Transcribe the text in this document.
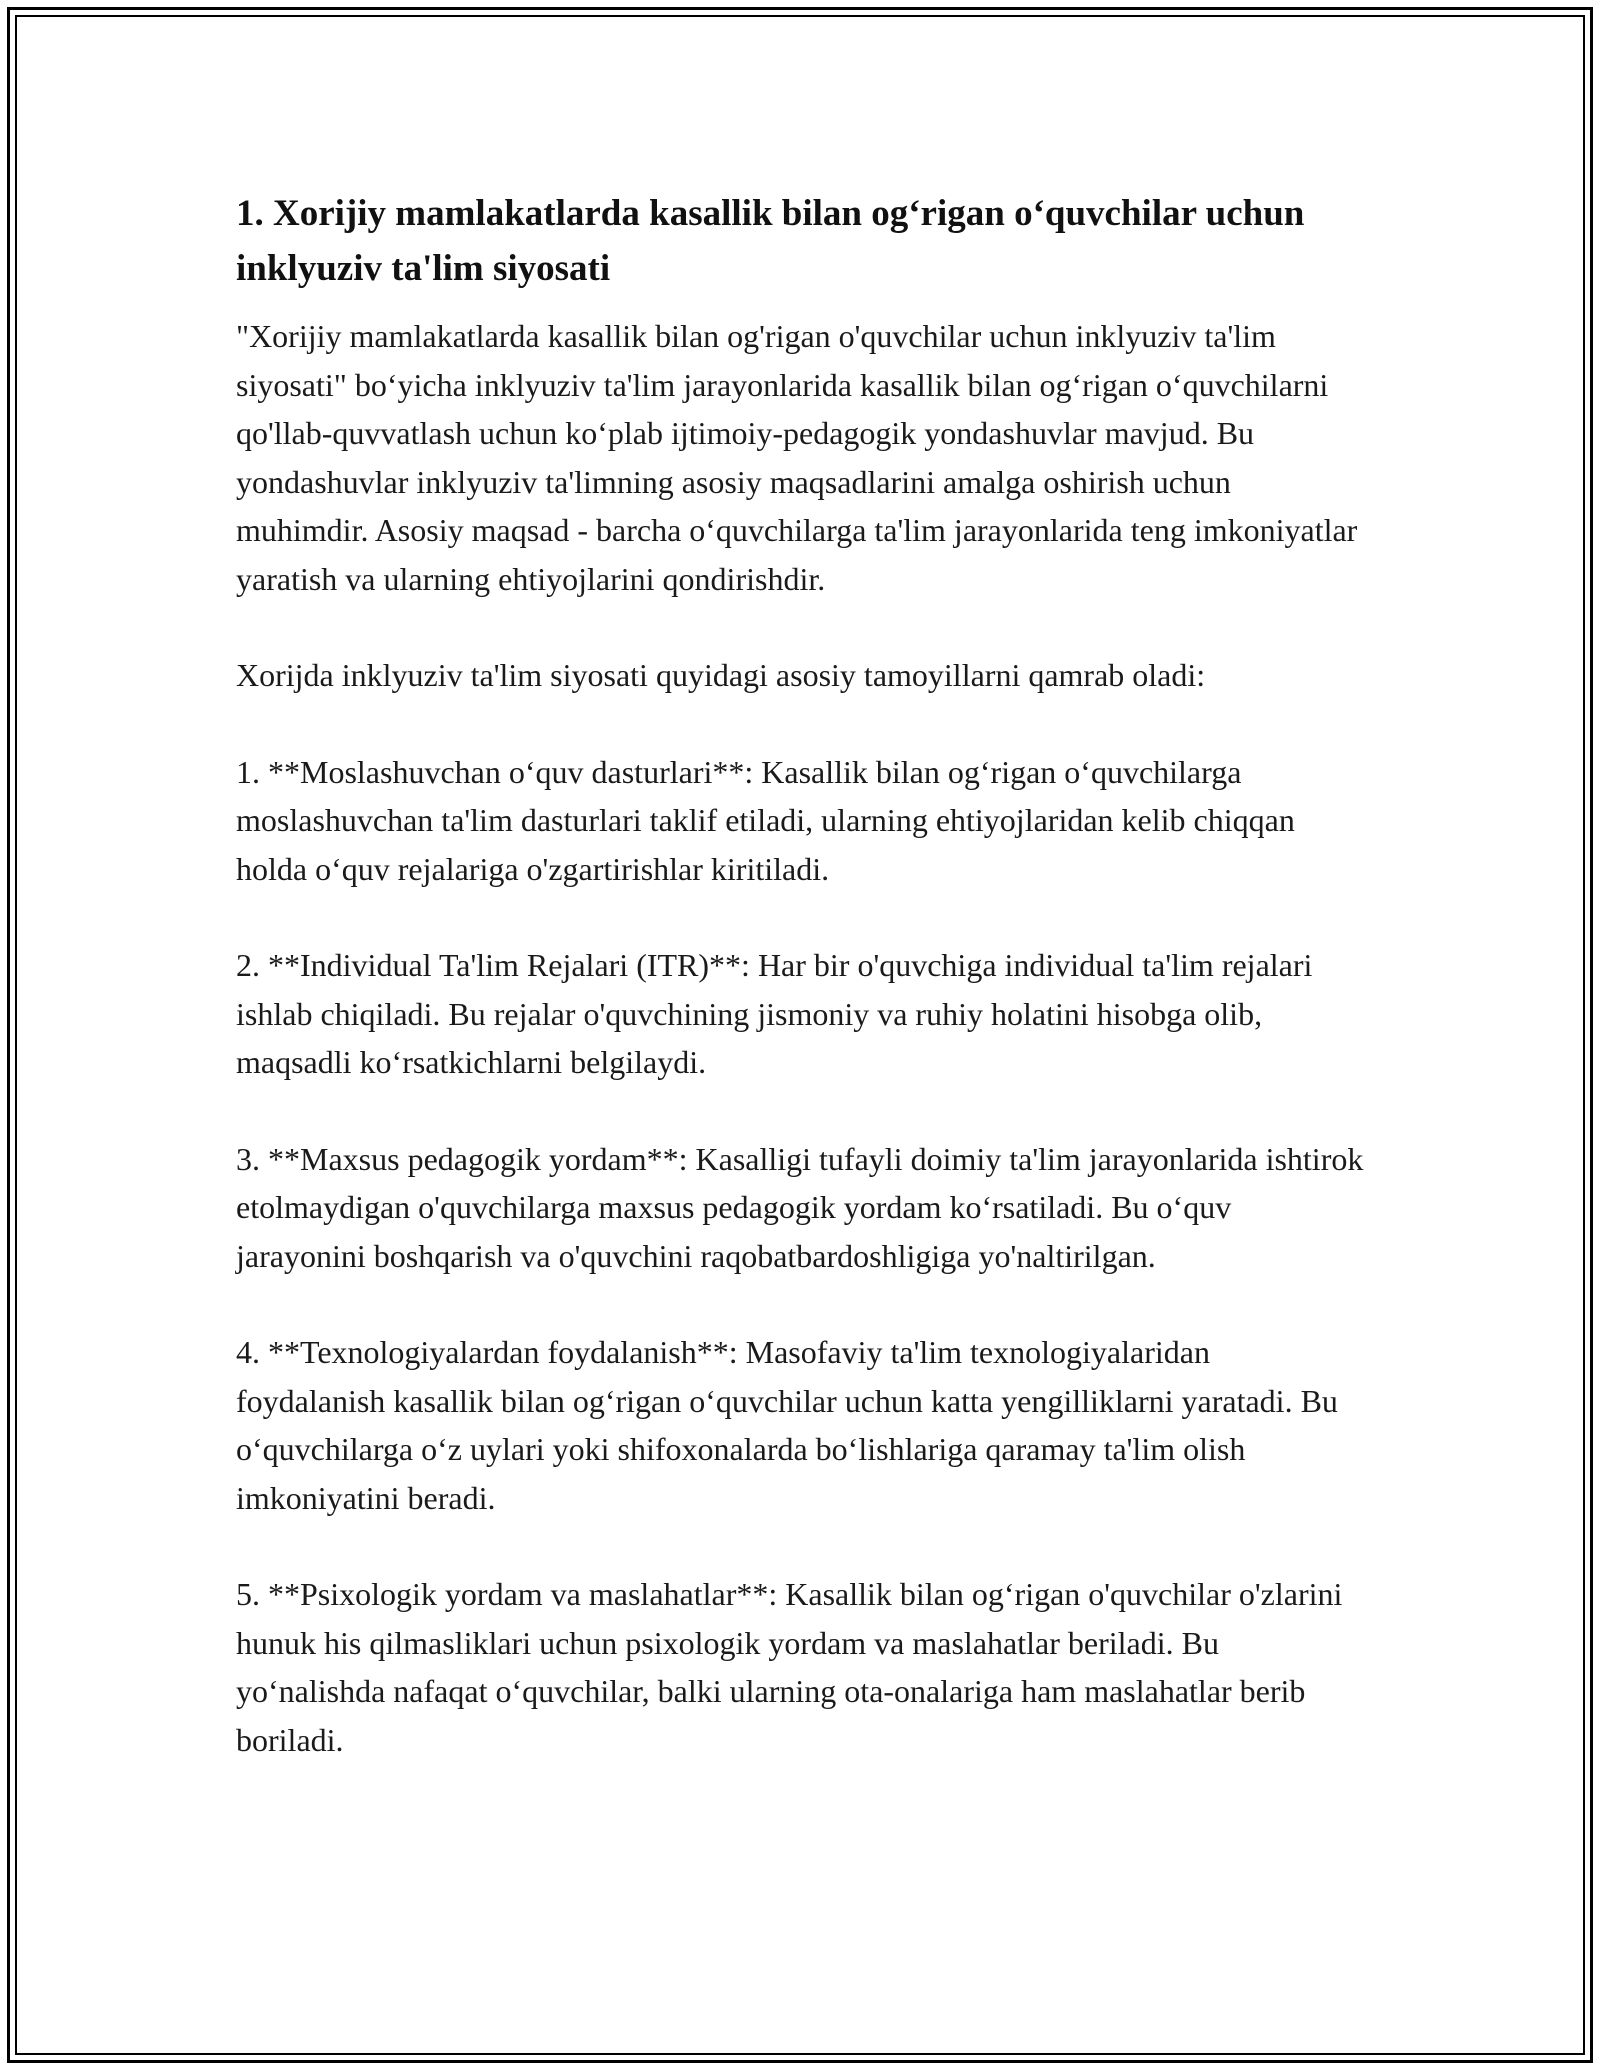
1. Xorijiy mamlakatlarda kasallik bilan og‘rigan o‘quvchilar uchun inklyuziv ta'lim siyosati

"Xorijiy mamlakatlarda kasallik bilan og'rigan o'quvchilar uchun inklyuziv ta'lim siyosati" bo‘yicha inklyuziv ta'lim jarayonlarida kasallik bilan og‘rigan o‘quvchilarni qo'llab-quvvatlash uchun ko‘plab ijtimoiy-pedagogik yondashuvlar mavjud. Bu yondashuvlar inklyuziv ta'limning asosiy maqsadlarini amalga oshirish uchun muhimdir. Asosiy maqsad - barcha o‘quvchilarga ta'lim jarayonlarida teng imkoniyatlar yaratish va ularning ehtiyojlarini qondirishdir.

Xorijda inklyuziv ta'lim siyosati quyidagi asosiy tamoyillarni qamrab oladi:

1. **Moslashuvchan o‘quv dasturlari**: Kasallik bilan og‘rigan o‘quvchilarga moslashuvchan ta'lim dasturlari taklif etiladi, ularning ehtiyojlaridan kelib chiqqan holda o‘quv rejalariga o'zgartirishlar kiritiladi.

2. **Individual Ta'lim Rejalari (ITR)**: Har bir o'quvchiga individual ta'lim rejalari ishlab chiqiladi. Bu rejalar o'quvchining jismoniy va ruhiy holatini hisobga olib, maqsadli ko‘rsatkichlarni belgilaydi.

3. **Maxsus pedagogik yordam**: Kasalligi tufayli doimiy ta'lim jarayonlarida ishtirok etolmaydigan o'quvchilarga maxsus pedagogik yordam ko‘rsatiladi. Bu o‘quv jarayonini boshqarish va o'quvchini raqobatbardoshligiga yo'naltirilgan.

4. **Texnologiyalardan foydalanish**: Masofaviy ta'lim texnologiyalaridan foydalanish kasallik bilan og‘rigan o‘quvchilar uchun katta yengilliklarni yaratadi. Bu o‘quvchilarga o‘z uylari yoki shifoxonalarda bo‘lishlariga qaramay ta'lim olish imkoniyatini beradi.

5. **Psixologik yordam va maslahatlar**: Kasallik bilan og‘rigan o'quvchilar o'zlarini hunuk his qilmasliklari uchun psixologik yordam va maslahatlar beriladi. Bu yo‘nalishda nafaqat o‘quvchilar, balki ularning ota-onalariga ham maslahatlar berib boriladi.
